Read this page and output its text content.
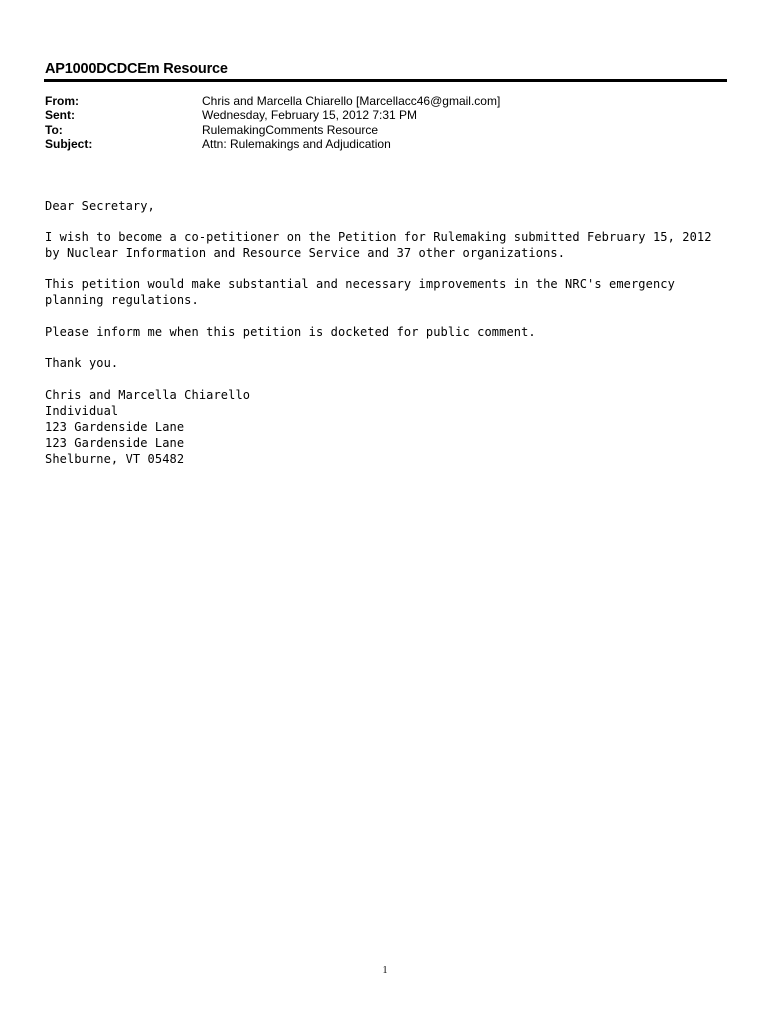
AP1000DCDCEm Resource
From:	Chris and Marcella Chiarello [Marcellacc46@gmail.com]
Sent:	Wednesday, February 15, 2012 7:31 PM
To:	RulemakingComments Resource
Subject:	Attn: Rulemakings and Adjudication
Dear Secretary,
I wish to become a co-petitioner on the Petition for Rulemaking submitted February 15, 2012
by Nuclear Information and Resource Service and 37 other organizations.
This petition would make substantial and necessary improvements in the NRC's emergency
planning regulations.
Please inform me when this petition is docketed for public comment.
Thank you.
Chris and Marcella Chiarello
Individual
123 Gardenside Lane
123 Gardenside Lane
Shelburne, VT 05482
1
